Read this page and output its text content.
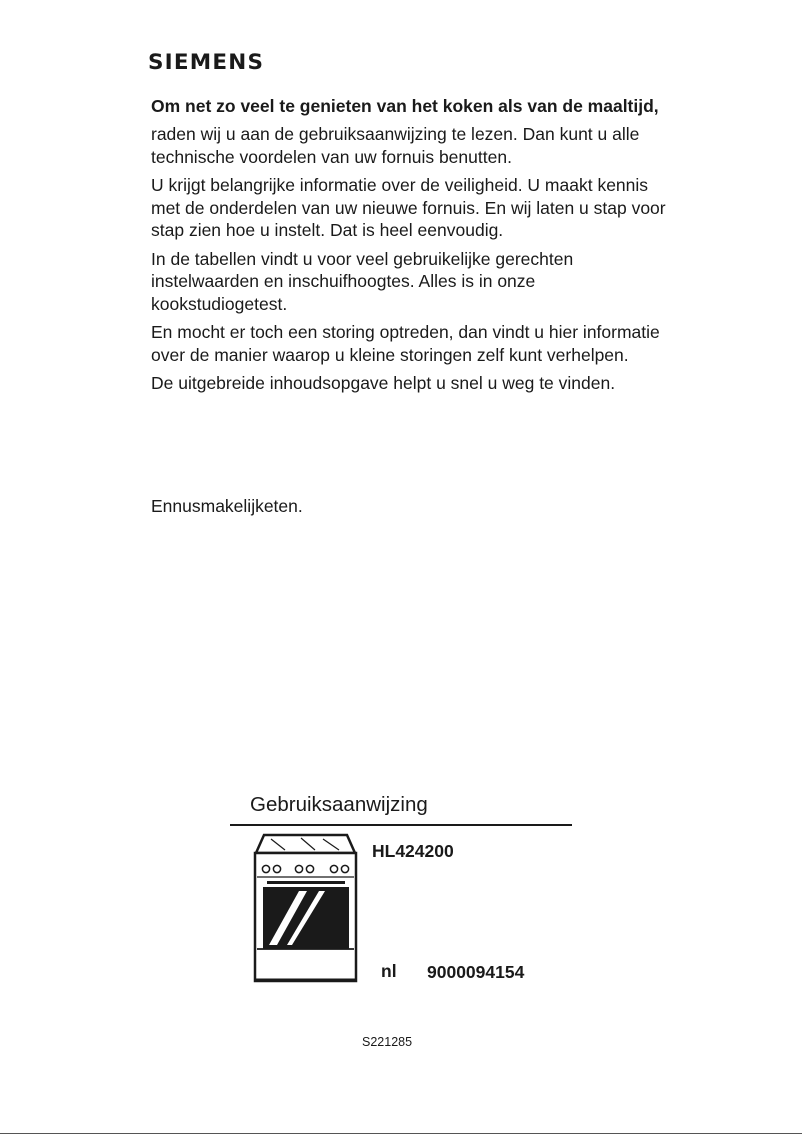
SIEMENS

Om net zo veel te genieten van het koken als van de maaltijd,

raden wij u aan de gebruiksaanwijzing te lezen. Dan kunt u alle technische voordelen van uw fornuis benutten.

U krijgt belangrijke informatie over de veiligheid. U maakt kennis met de onderdelen van uw nieuwe fornuis. En wij laten u stap voor stap zien hoe u instelt. Dat is heel eenvoudig.

In de tabellen vindt u voor veel gebruikelijke gerechten instelwaarden en inschuifhoogtes. Alles is in onze kookstudiogetest.

En mocht er toch een storing optreden, dan vindt u hier informatie over de manier waarop u kleine storingen zelf kunt verhelpen.

De uitgebreide inhoudsopgave helpt u snel u weg te vinden.

Ennusmakelijketen.

Gebruiksaanwijzing

HL424200

nl 9000094154

S221285
